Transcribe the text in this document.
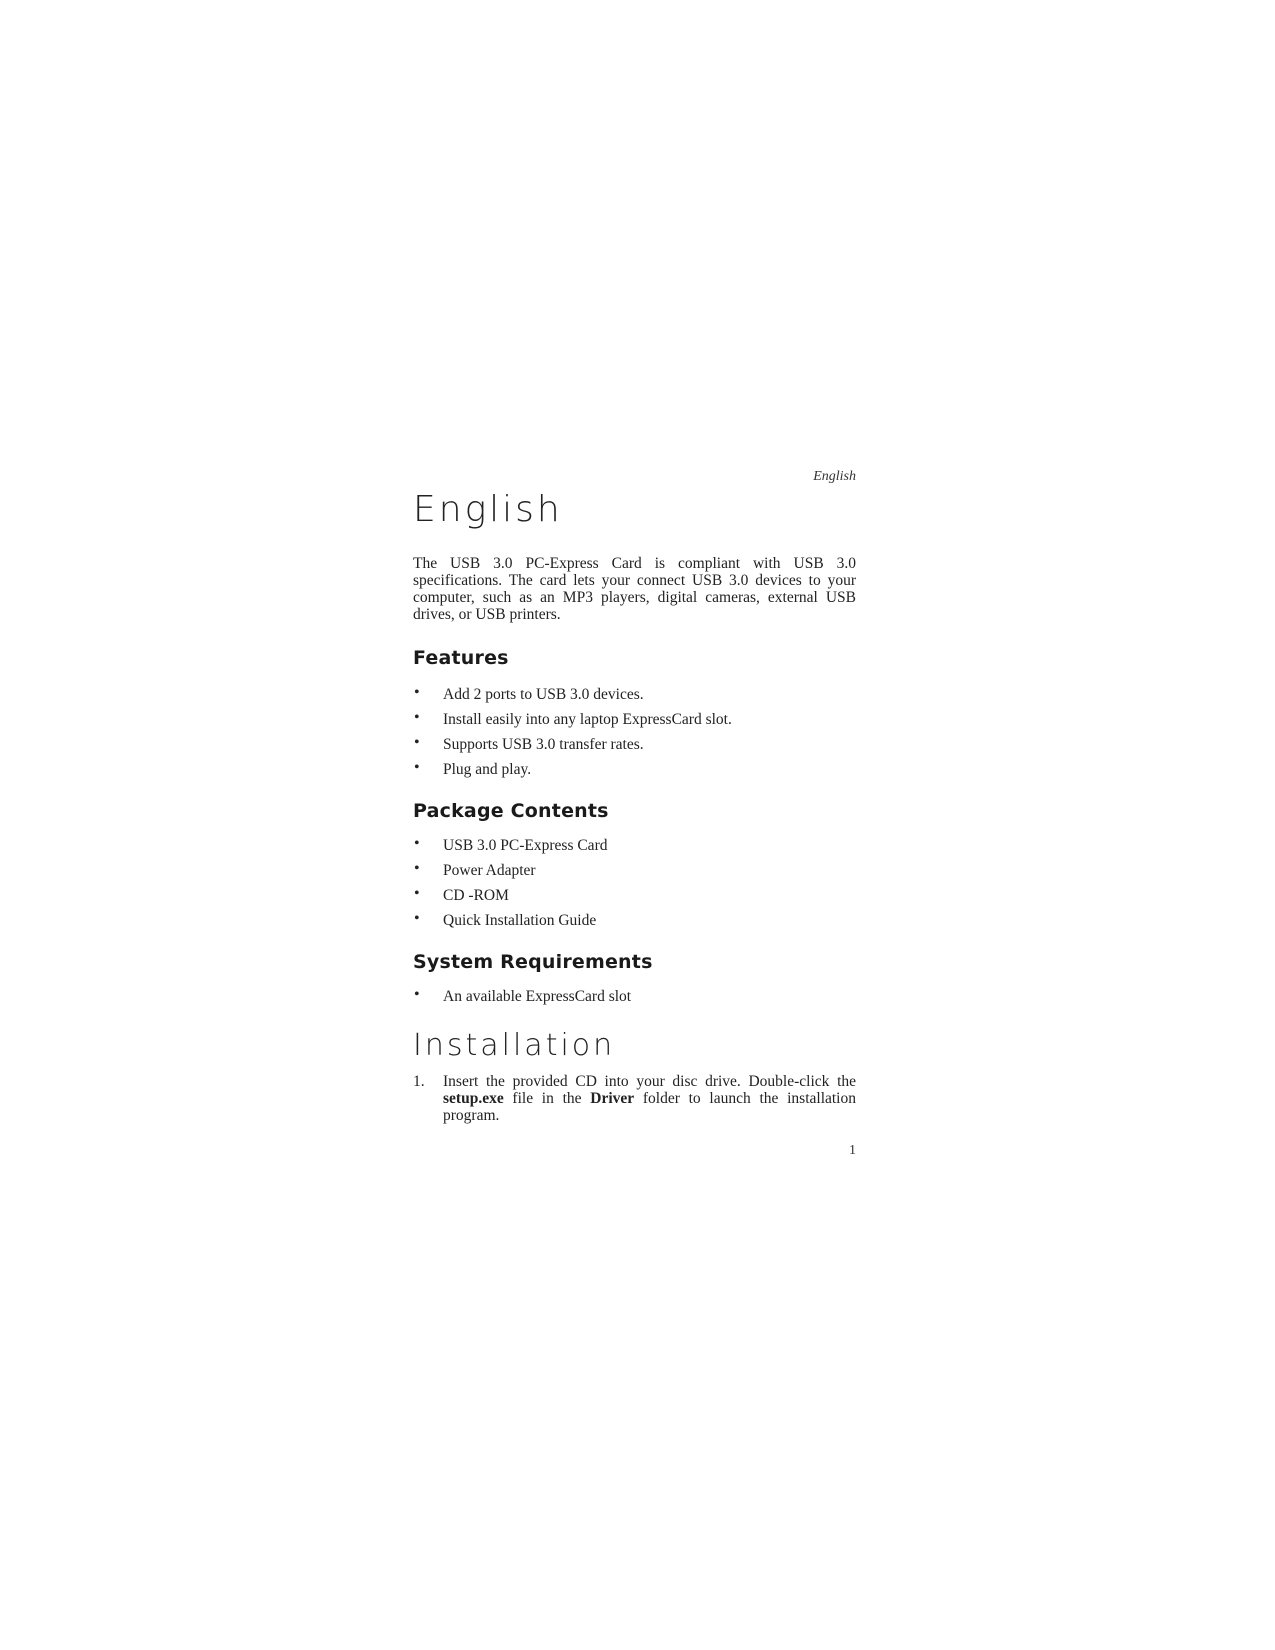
English
English

The USB 3.0 PC-Express Card is compliant with USB 3.0 specifications. The card lets your connect USB 3.0 devices to your computer, such as an MP3 players, digital cameras, external USB drives, or USB printers.

Features
• Add 2 ports to USB 3.0 devices.
• Install easily into any laptop ExpressCard slot.
• Supports USB 3.0 transfer rates.
• Plug and play.
Package Contents
• USB 3.0 PC-Express Card
• Power Adapter
• CD -ROM
• Quick Installation Guide
System Requirements
• An available ExpressCard slot
Installation
1. Insert the provided CD into your disc drive. Double-click the setup.exe file in the Driver folder to launch the installation program.
1
